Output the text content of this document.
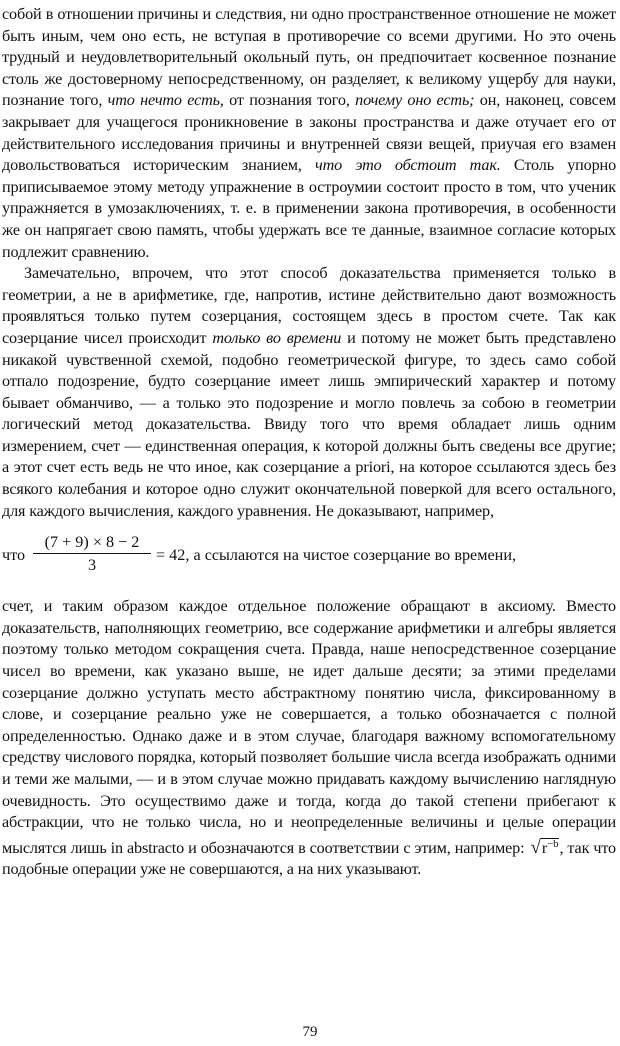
собой в отношении причины и следствия, ни одно пространственное отношение не может быть иным, чем оно есть, не вступая в противоречие со всеми другими. Но это очень трудный и неудовлетворительный окольный путь, он предпочитает косвенное познание столь же достоверному непосредственному, он разделяет, к великому ущербу для науки, познание того, что нечто есть, от познания того, почему оно есть; он, наконец, совсем закрывает для учащегося проникновение в законы пространства и даже отучает его от действительного исследования причины и внутренней связи вещей, приучая его взамен довольствоваться историческим знанием, что это обстоит так. Столь упорно приписываемое этому методу упражнение в остроумии состоит просто в том, что ученик упражняется в умозаключениях, т. е. в применении закона противоречия, в особенности же он напрягает свою память, чтобы удержать все те данные, взаимное согласие которых подлежит сравнению.

Замечательно, впрочем, что этот способ доказательства применяется только в геометрии, а не в арифметике, где, напротив, истине действительно дают возможность проявляться только путем созерцания, состоящем здесь в простом счете. Так как созерцание чисел происходит только во времени и потому не может быть представлено никакой чувственной схемой, подобно геометрической фигуре, то здесь само собой отпало подозрение, будто созерцание имеет лишь эмпирический характер и потому бывает обманчиво, — а только это подозрение и могло повлечь за собою в геометрии логический метод доказательства. Ввиду того что время обладает лишь одним измерением, счет — единственная операция, к которой должны быть сведены все другие; а этот счет есть ведь не что иное, как созерцание a priori, на которое ссылаются здесь без всякого колебания и которое одно служит окончательной поверкой для всего остального, для каждого вычисления, каждого уравнения. Не доказывают, например,

что $\frac{(7 + 9) \times 8 - 2}{3} = 42$, а ссылаются на чистое созерцание во времени,

счет, и таким образом каждое отдельное положение обращают в аксиому. Вместо доказательств, наполняющих геометрию, все содержание арифметики и алгебры является поэтому только методом сокращения счета. Правда, наше непосредственное созерцание чисел во времени, как указано выше, не идет дальше десяти; за этими пределами созерцание должно уступать место абстрактному понятию числа, фиксированному в слове, и созерцание реально уже не совершается, а только обозначается с полной определенностью. Однако даже и в этом случае, благодаря важному вспомогательному средству числового порядка, который позволяет большие числа всегда изображать одними и теми же малыми, — и в этом случае можно придавать каждому вычислению наглядную очевидность. Это осуществимо даже и тогда, когда до такой степени прибегают к абстракции, что не только числа, но и неопределенные величины и целые операции мыслятся лишь in abstracto и обозначаются в соответствии с этим, например: $√r^{-b}$, так что подобные операции уже не совершаются, а на них указывают.

79
